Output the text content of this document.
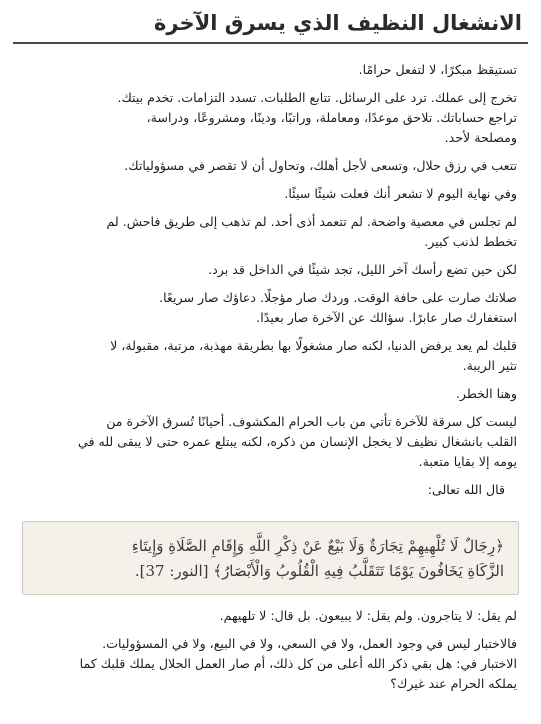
الانشغال النظيف الذي يسرق الآخرة

تستيقظ مبكرًا، لا لتفعل حرامًا.

تخرج إلى عملك. ترد على الرسائل. تتابع الطلبات. تسدد التزامات. تخدم بيتك.
تراجع حساباتك. تلاحق موعدًا، ومعاملة، وراتبًا، ودينًا، ومشروعًا، ودراسة،
ومصلحة لأحد.

تتعب في رزق حلال، وتسعى لأجل أهلك، وتحاول أن لا تقصر في مسؤولياتك.

وفي نهاية اليوم لا تشعر أنك فعلت شيئًا سيئًا.

لم تجلس في معصية واضحة. لم تتعمد أذى أحد. لم تذهب إلى طريق فاحش. لم
تخطط لذنب كبير.

لكن حين تضع رأسك آخر الليل، تجد شيئًا في الداخل قد برد.

صلاتك صارت على حافة الوقت. وردك صار مؤجلًا. دعاؤك صار سريعًا.
استغفارك صار عابرًا. سؤالك عن الآخرة صار بعيدًا.

قلبك لم يعد يرفض الدنيا، لكنه صار مشغولًا بها بطريقة مهذبة، مرتبة، مقبولة، لا
تثير الريبة.

وهنا الخطر.

ليست كل سرقة للآخرة تأتي من باب الحرام المكشوف. أحيانًا تُسرق الآخرة من
القلب بانشغال نظيف لا يخجل الإنسان من ذكره، لكنه يبتلع عمره حتى لا يبقى لله في
يومه إلا بقايا متعبة.

قال الله تعالى:

﴿رِجَالٌ لَا تُلْهِيهِمْ تِجَارَةٌ وَلَا بَيْعٌ عَنْ ذِكْرِ اللَّهِ وَإِقَامِ الصَّلَاةِ وَإِيتَاءِ
الزَّكَاةِ يَخَافُونَ يَوْمًا تَتَقَلَّبُ فِيهِ الْقُلُوبُ وَالْأَبْصَارُ﴾ [النور: 37].

لم يقل: لا يتاجرون. ولم يقل: لا يبيعون. بل قال: لا تلهيهم.

فالاختبار ليس في وجود العمل، ولا في السعي، ولا في البيع، ولا في المسؤوليات.
الاختبار في: هل بقي ذكر الله أعلى من كل ذلك، أم صار العمل الحلال يملك قلبك كما
يملكه الحرام عند غيرك؟
